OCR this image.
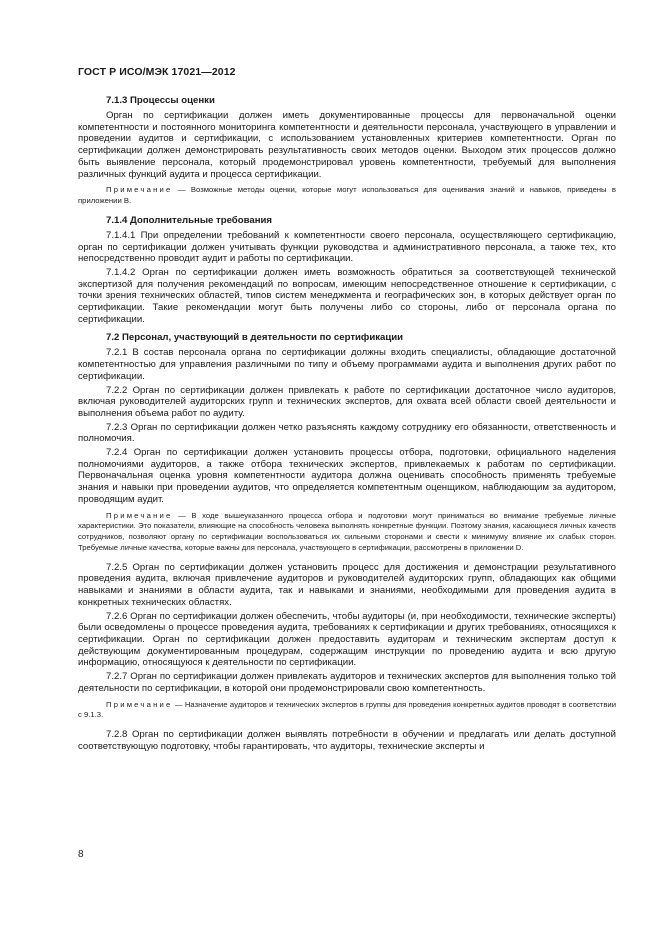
ГОСТ Р ИСО/МЭК 17021—2012
7.1.3 Процессы оценки

Орган по сертификации должен иметь документированные процессы для первоначальной оценки компетентности и постоянного мониторинга компетентности и деятельности персонала, участвующего в управлении и проведении аудитов и сертификации, с использованием установленных критериев компетентности. Орган по сертификации должен демонстрировать результативность своих методов оценки. Выходом этих процессов должно быть выявление персонала, который продемонстрировал уровень компетентности, требуемый для выполнения различных функций аудита и процесса сертификации.

Примечание — Возможные методы оценки, которые могут использоваться для оценивания знаний и навыков, приведены в приложении В.

7.1.4 Дополнительные требования

7.1.4.1 При определении требований к компетентности своего персонала, осуществляющего сертификацию, орган по сертификации должен учитывать функции руководства и административного персонала, а также тех, кто непосредственно проводит аудит и работы по сертификации.

7.1.4.2 Орган по сертификации должен иметь возможность обратиться за соответствующей технической экспертизой для получения рекомендаций по вопросам, имеющим непосредственное отношение к сертификации, с точки зрения технических областей, типов систем менеджмента и географических зон, в которых действует орган по сертификации. Такие рекомендации могут быть получены либо со стороны, либо от персонала органа по сертификации.

7.2 Персонал, участвующий в деятельности по сертификации

7.2.1 В состав персонала органа по сертификации должны входить специалисты, обладающие достаточной компетентностью для управления различными по типу и объему программами аудита и выполнения других работ по сертификации.

7.2.2 Орган по сертификации должен привлекать к работе по сертификации достаточное число аудиторов, включая руководителей аудиторских групп и технических экспертов, для охвата всей области своей деятельности и выполнения объема работ по аудиту.

7.2.3 Орган по сертификации должен четко разъяснять каждому сотруднику его обязанности, ответственность и полномочия.

7.2.4 Орган по сертификации должен установить процессы отбора, подготовки, официального наделения полномочиями аудиторов, а также отбора технических экспертов, привлекаемых к работам по сертификации. Первоначальная оценка уровня компетентности аудитора должна оценивать способность применять требуемые знания и навыки при проведении аудитов, что определяется компетентным оценщиком, наблюдающим за аудитором, проводящим аудит.

Примечание — В ходе вышеуказанного процесса отбора и подготовки могут приниматься во внимание требуемые личные характеристики. Это показатели, влияющие на способность человека выполнять конкретные функции. Поэтому знания, касающиеся личных качеств сотрудников, позволяют органу по сертификации воспользоваться их сильными сторонами и свести к минимуму влияние их слабых сторон. Требуемые личные качества, которые важны для персонала, участвующего в сертификации, рассмотрены в приложении D.

7.2.5 Орган по сертификации должен установить процесс для достижения и демонстрации результативного проведения аудита, включая привлечение аудиторов и руководителей аудиторских групп, обладающих как общими навыками и знаниями в области аудита, так и навыками и знаниями, необходимыми для проведения аудита в конкретных технических областях.

7.2.6 Орган по сертификации должен обеспечить, чтобы аудиторы (и, при необходимости, технические эксперты) были осведомлены о процессе проведения аудита, требованиях к сертификации и других требованиях, относящихся к сертификации. Орган по сертификации должен предоставить аудиторам и техническим экспертам доступ к действующим документированным процедурам, содержащим инструкции по проведению аудита и всю другую информацию, относящуюся к деятельности по сертификации.

7.2.7 Орган по сертификации должен привлекать аудиторов и технических экспертов для выполнения только той деятельности по сертификации, в которой они продемонстрировали свою компетентность.

Примечание — Назначение аудиторов и технических экспертов в группы для проведения конкретных аудитов проводят в соответствии с 9.1.3.

7.2.8 Орган по сертификации должен выявлять потребности в обучении и предлагать или делать доступной соответствующую подготовку, чтобы гарантировать, что аудиторы, технические эксперты и

8
